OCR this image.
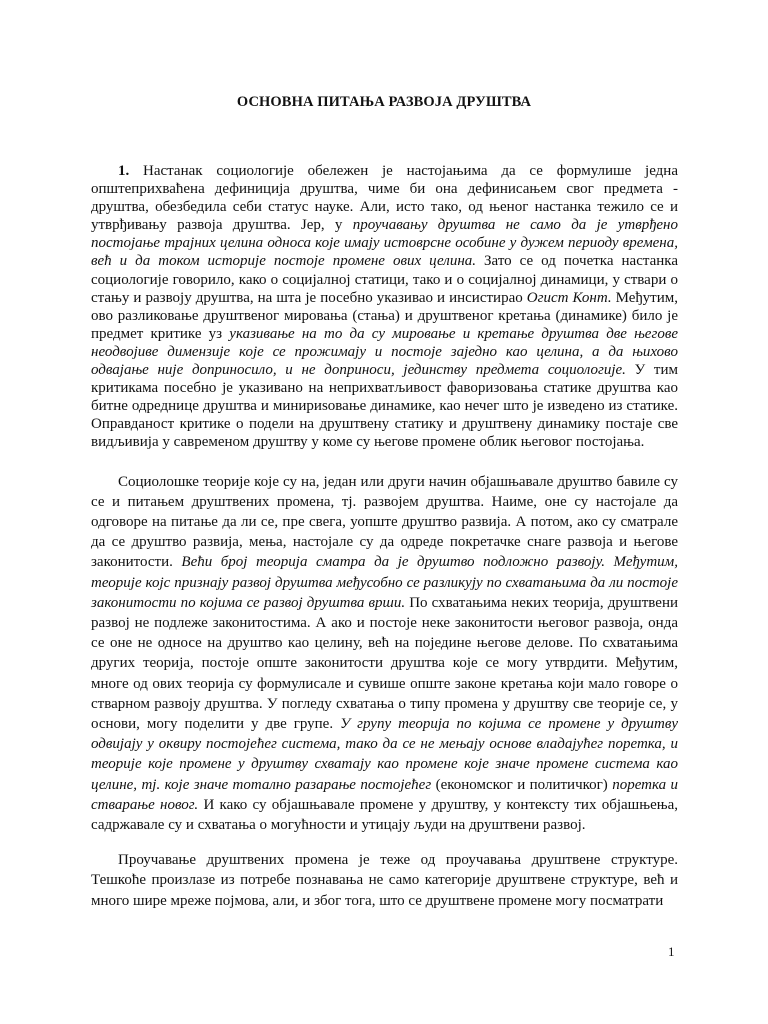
ОСНОВНА ПИТАЊА РАЗВОЈА ДРУШТВА

1. Настанак социологије обележен је настојањима да се формулише једна општеприхваћена дефиниција друштва, чиме би она дефинисањем свог предмета - друштва, обезбедила себи статус науке. Али, исто тако, од њеног настанка тежило се и утврђивању развоја друштва. Јер, у проучавању друштва не само да је утврђено постојање трајних целина односа које имају истоврсне особине у дужем периоду времена, већ и да током историје постоје промене ових целина. Зато се од почетка настанка социологије говорило, како о социјалној статици, тако и о социјалној динамици, у ствари о стању и развоју друштва, на шта је посебно указивао и инсистирао Огист Конт. Међутим, ово разликовање друштвеног мировања (стања) и друштвеног кретања (динамике) било је предмет критике уз указивање на то да су мировање и кретање друштва две његове неодвојиве димензије које се прожимају и постоје заједно као целина, а да њихово одвајање није доприносило, и не доприноси, јединству предмета социологије. У тим критикама посебно је указивано на неприхватљивост фаворизовања статике друштва као битне одреднице друштва и минириѕовање динамике, као нечег што је изведено из статике. Оправданост критике о подели на друштвену статику и друштвену динамику постаје све видљивија у савременом друштву у коме су његове промене облик његовог постојања.

Социолошке теорије које су на, један или други начин објашњавале друштво бавиле су се и питањем друштвених промена, тј. развојем друштва. Наиме, оне су настојале да одговоре на питање да ли се, пре свега, уопште друштво развија. А потом, ако су сматрале да се друштво развија, мења, настојале су да одреде покретачке снаге развоја и његове законитости. Већи број теорија сматра да је друштво подложно развоју. Међутим, теорије којс признају развој друштва међусобно се разликују по схватањима да ли постоје законитости по којима се развој друштва врши. По схватањима неких теорија, друштвени развој не подлеже законитостима. А ако и постоје неке законитости његовог развоја, онда се оне не односе на друштво као целину, већ на поједине његове делове. По схватањима других теорија, постоје опште законитости друштва које се могу утврдити. Међутим, многе од ових теорија су формулисале и сувише опште законе кретања који мало говоре о стварном развоју друштва. У погледу схватања о типу промена у друштву све теорије се, у основи, могу поделити у две групе. У групу теорија по којима се промене у друштву одвијају у оквиру постојећег система, тако да се не мењају основе владајућег поретка, и теорије које промене у друштву схватају као промене које значе промене система као целине, тј. које значе тотално разарање постојећег (економског и политичког) поретка и стварање новог. И како су објашњавале промене у друштву, у контексту тих објашњења, садржавале су и схватања о могућности и утицају људи на друштвени развој.

Проучавање друштвених промена је теже од проучавања друштвене структуре. Тешкоће произлазе из потребе познавања не само категорије друштвене структуре, већ и много шире мреже појмова, али, и због тога, што се друштвене промене могу посматрати

1
